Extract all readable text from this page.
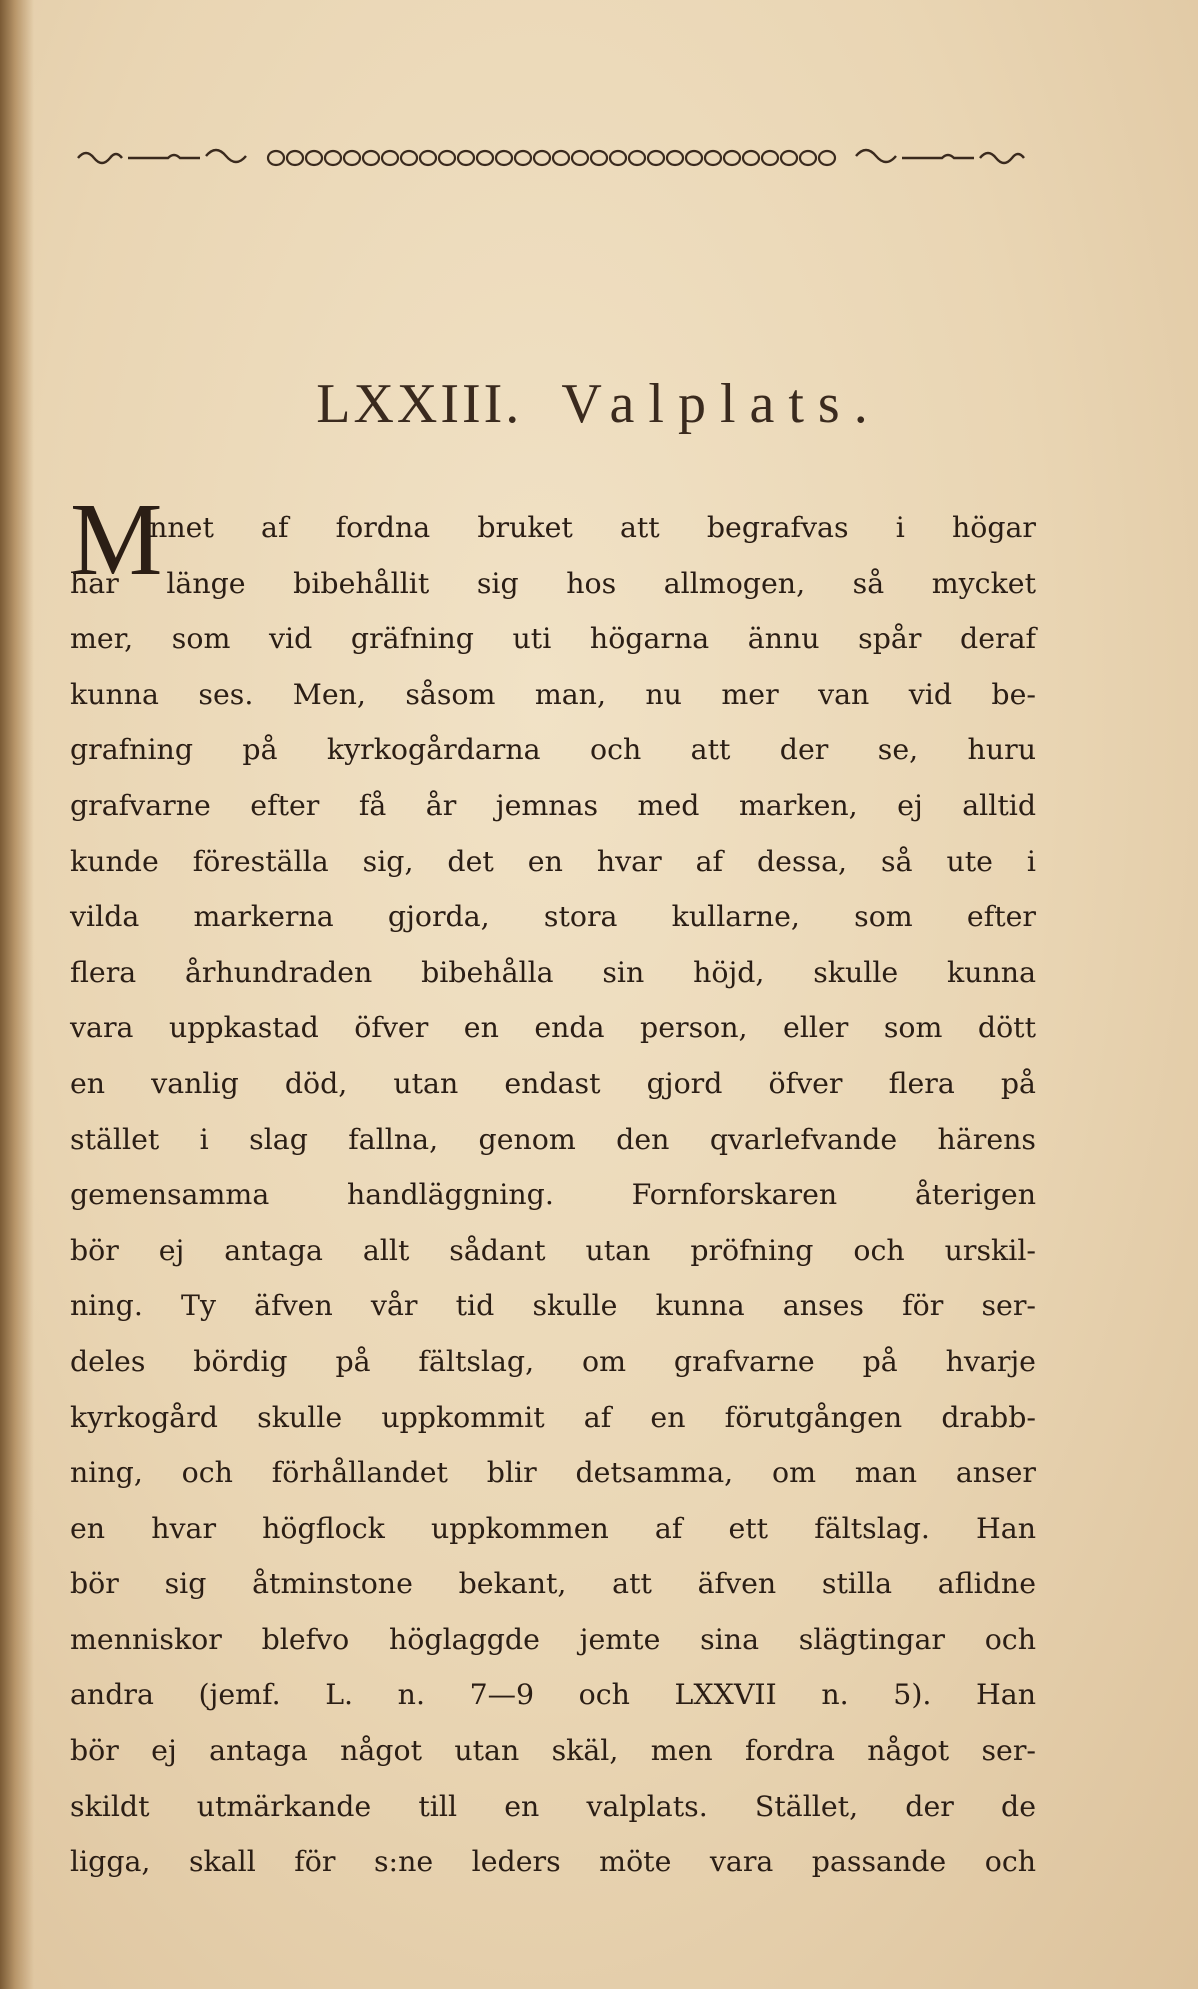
LXXIII. Valplats.
M
innet af fordna bruket att begrafvas i högar
har länge bibehållit sig hos allmogen, så mycket
mer, som vid gräfning uti högarna ännu spår deraf
kunna ses. Men, såsom man, nu mer van vid be-
grafning på kyrkogårdarna och att der se, huru
grafvarne efter få år jemnas med marken, ej alltid
kunde föreställa sig, det en hvar af dessa, så ute i
vilda markerna gjorda, stora kullarne, som efter
flera århundraden bibehålla sin höjd, skulle kunna
vara uppkastad öfver en enda person, eller som dött
en vanlig död, utan endast gjord öfver flera på
stället i slag fallna, genom den qvarlefvande härens
gemensamma handläggning. Fornforskaren återigen
bör ej antaga allt sådant utan pröfning och urskil-
ning. Ty äfven vår tid skulle kunna anses för ser-
deles bördig på fältslag, om grafvarne på hvarje
kyrkogård skulle uppkommit af en förutgången drabb-
ning, och förhållandet blir detsamma, om man anser
en hvar högflock uppkommen af ett fältslag. Han
bör sig åtminstone bekant, att äfven stilla aflidne
menniskor blefvo höglaggde jemte sina slägtingar och
andra (jemf. L. n. 7—9 och LXXVII n. 5). Han
bör ej antaga något utan skäl, men fordra något ser-
skildt utmärkande till en valplats. Stället, der de
ligga, skall för s:ne leders möte vara passande och
